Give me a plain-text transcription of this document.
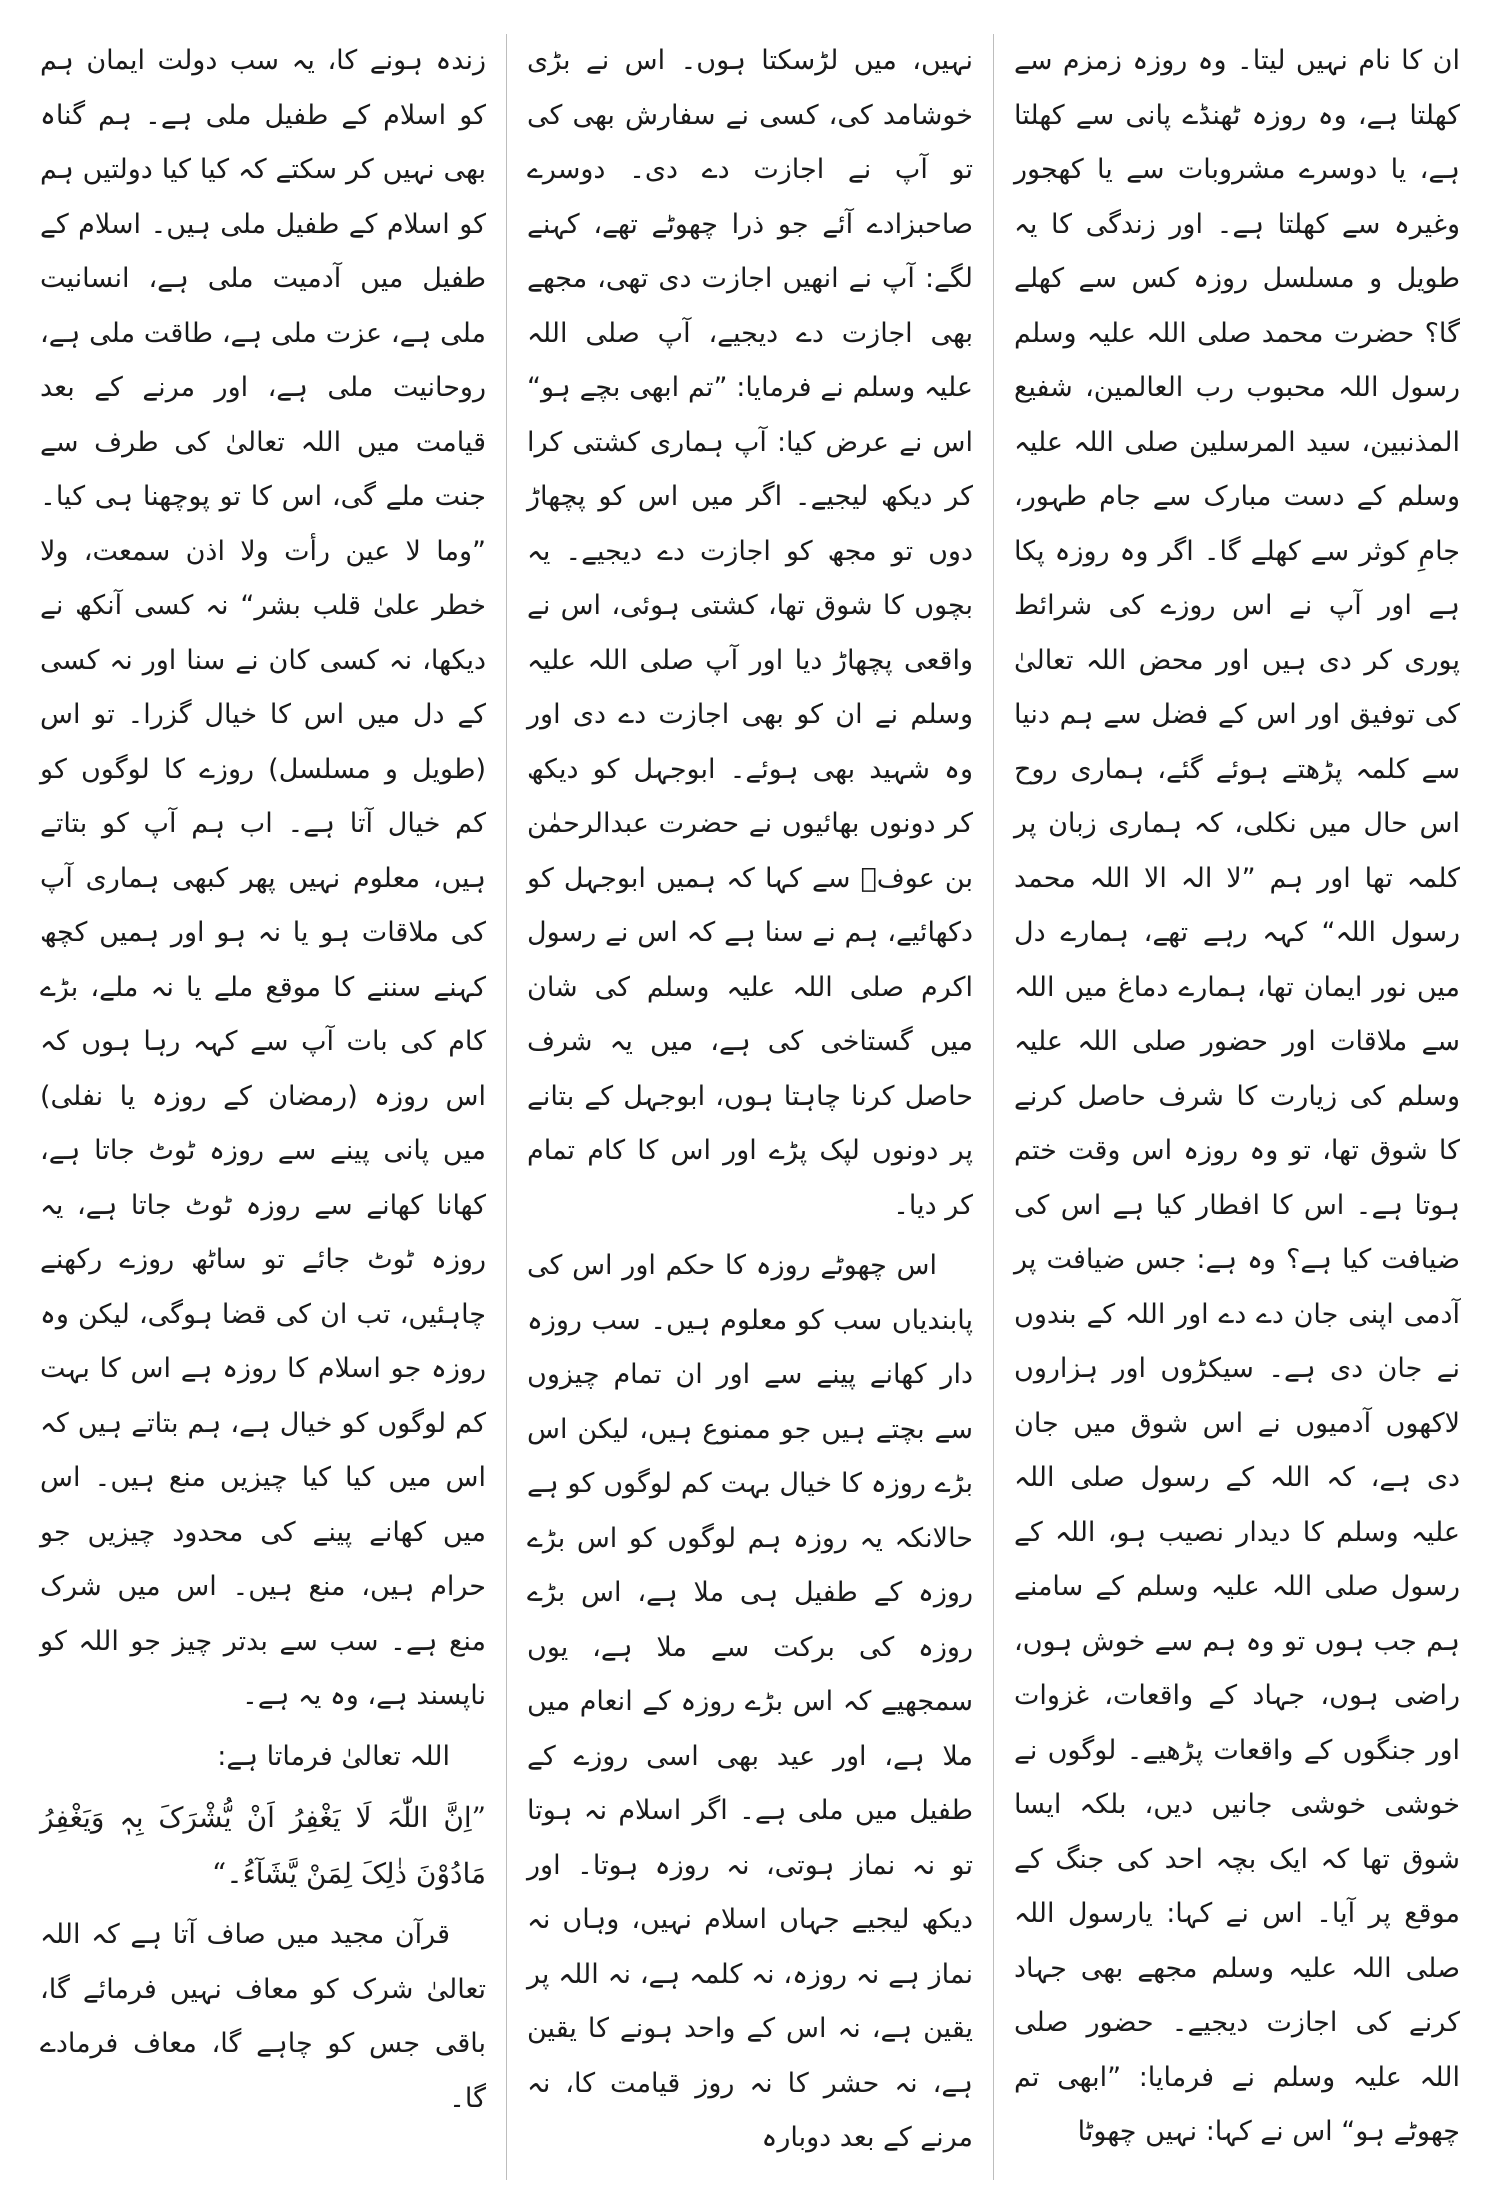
ان کا نام نہیں لیتا۔ وہ روزہ زمزم سے کھلتا ہے، وہ روزہ ٹھنڈے پانی سے کھلتا ہے، یا دوسرے مشروبات سے یا کھجور وغیرہ سے کھلتا ہے۔ اور زندگی کا یہ طویل و مسلسل روزہ کس سے کھلے گا؟ حضرت محمد صلی اللہ علیہ وسلم رسول اللہ محبوب رب العالمین، شفیع المذنبین، سید المرسلین صلی اللہ علیہ وسلم کے دست مبارک سے جام طہور، جامِ کوثر سے کھلے گا۔ اگر وہ روزہ پکا ہے اور آپ نے اس روزے کی شرائط پوری کر دی ہیں اور محض اللہ تعالیٰ کی توفیق اور اس کے فضل سے ہم دنیا سے کلمہ پڑھتے ہوئے گئے، ہماری روح اس حال میں نکلی، کہ ہماری زبان پر کلمہ تھا اور ہم ”لا الہ الا اللہ محمد رسول اللہ“ کہہ رہے تھے، ہمارے دل میں نور ایمان تھا، ہمارے دماغ میں اللہ سے ملاقات اور حضور صلی اللہ علیہ وسلم کی زیارت کا شرف حاصل کرنے کا شوق تھا، تو وہ روزہ اس وقت ختم ہوتا ہے۔ اس کا افطار کیا ہے اس کی ضیافت کیا ہے؟ وہ ہے: جس ضیافت پر آدمی اپنی جان دے دے اور اللہ کے بندوں نے جان دی ہے۔ سیکڑوں اور ہزاروں لاکھوں آدمیوں نے اس شوق میں جان دی ہے، کہ اللہ کے رسول صلی اللہ علیہ وسلم کا دیدار نصیب ہو، اللہ کے رسول صلی اللہ علیہ وسلم کے سامنے ہم جب ہوں تو وہ ہم سے خوش ہوں، راضی ہوں، جہاد کے واقعات، غزوات اور جنگوں کے واقعات پڑھیے۔ لوگوں نے خوشی خوشی جانیں دیں، بلکہ ایسا شوق تھا کہ ایک بچہ احد کی جنگ کے موقع پر آیا۔ اس نے کہا: یارسول اللہ صلی اللہ علیہ وسلم مجھے بھی جہاد کرنے کی اجازت دیجیے۔ حضور صلی اللہ علیہ وسلم نے فرمایا: ”ابھی تم چھوٹے ہو“ اس نے کہا: نہیں چھوٹا

نہیں، میں لڑسکتا ہوں۔ اس نے بڑی خوشامد کی، کسی نے سفارش بھی کی تو آپ نے اجازت دے دی۔ دوسرے صاحبزادے آئے جو ذرا چھوٹے تھے، کہنے لگے: آپ نے انھیں اجازت دی تھی، مجھے بھی اجازت دے دیجیے، آپ صلی اللہ علیہ وسلم نے فرمایا: ”تم ابھی بچے ہو“ اس نے عرض کیا: آپ ہماری کشتی کرا کر دیکھ لیجیے۔ اگر میں اس کو پچھاڑ دوں تو مجھ کو اجازت دے دیجیے۔ یہ بچوں کا شوق تھا، کشتی ہوئی، اس نے واقعی پچھاڑ دیا اور آپ صلی اللہ علیہ وسلم نے ان کو بھی اجازت دے دی اور وہ شہید بھی ہوئے۔ ابوجہل کو دیکھ کر دونوں بھائیوں نے حضرت عبدالرحمٰن بن عوفؓ سے کہا کہ ہمیں ابوجہل کو دکھائیے، ہم نے سنا ہے کہ اس نے رسول اکرم صلی اللہ علیہ وسلم کی شان میں گستاخی کی ہے، میں یہ شرف حاصل کرنا چاہتا ہوں، ابوجہل کے بتانے پر دونوں لپک پڑے اور اس کا کام تمام کر دیا۔

اس چھوٹے روزہ کا حکم اور اس کی پابندیاں سب کو معلوم ہیں۔ سب روزہ دار کھانے پینے سے اور ان تمام چیزوں سے بچتے ہیں جو ممنوع ہیں، لیکن اس بڑے روزہ کا خیال بہت کم لوگوں کو ہے حالانکہ یہ روزہ ہم لوگوں کو اس بڑے روزہ کے طفیل ہی ملا ہے، اس بڑے روزہ کی برکت سے ملا ہے، یوں سمجھیے کہ اس بڑے روزہ کے انعام میں ملا ہے، اور عید بھی اسی روزے کے طفیل میں ملی ہے۔ اگر اسلام نہ ہوتا تو نہ نماز ہوتی، نہ روزہ ہوتا۔ اور دیکھ لیجیے جہاں اسلام نہیں، وہاں نہ نماز ہے نہ روزہ، نہ کلمہ ہے، نہ اللہ پر یقین ہے، نہ اس کے واحد ہونے کا یقین ہے، نہ حشر کا نہ روز قیامت کا، نہ مرنے کے بعد دوبارہ

زندہ ہونے کا، یہ سب دولت ایمان ہم کو اسلام کے طفیل ملی ہے۔ ہم گناہ بھی نہیں کر سکتے کہ کیا کیا دولتیں ہم کو اسلام کے طفیل ملی ہیں۔ اسلام کے طفیل میں آدمیت ملی ہے، انسانیت ملی ہے، عزت ملی ہے، طاقت ملی ہے، روحانیت ملی ہے، اور مرنے کے بعد قیامت میں اللہ تعالیٰ کی طرف سے جنت ملے گی، اس کا تو پوچھنا ہی کیا۔ ”وما لا عین رأت ولا اذن سمعت، ولا خطر علیٰ قلب بشر“ نہ کسی آنکھ نے دیکھا، نہ کسی کان نے سنا اور نہ کسی کے دل میں اس کا خیال گزرا۔ تو اس (طویل و مسلسل) روزے کا لوگوں کو کم خیال آتا ہے۔ اب ہم آپ کو بتاتے ہیں، معلوم نہیں پھر کبھی ہماری آپ کی ملاقات ہو یا نہ ہو اور ہمیں کچھ کہنے سننے کا موقع ملے یا نہ ملے، بڑے کام کی بات آپ سے کہہ رہا ہوں کہ اس روزہ (رمضان کے روزہ یا نفلی) میں پانی پینے سے روزہ ٹوٹ جاتا ہے، کھانا کھانے سے روزہ ٹوٹ جاتا ہے، یہ روزہ ٹوٹ جائے تو ساٹھ روزے رکھنے چاہئیں، تب ان کی قضا ہوگی، لیکن وہ روزہ جو اسلام کا روزہ ہے اس کا بہت کم لوگوں کو خیال ہے، ہم بتاتے ہیں کہ اس میں کیا کیا چیزیں منع ہیں۔ اس میں کھانے پینے کی محدود چیزیں جو حرام ہیں، منع ہیں۔ اس میں شرک منع ہے۔ سب سے بدتر چیز جو اللہ کو ناپسند ہے، وہ یہ ہے۔

اللہ تعالیٰ فرماتا ہے:

”اِنَّ اللّٰہَ لَا یَغْفِرُ اَنْ یُّشْرَکَ بِہٖ وَیَغْفِرُ مَادُوْنَ ذٰلِکَ لِمَنْ یَّشَآءُ۔“

قرآن مجید میں صاف آتا ہے کہ اللہ تعالیٰ شرک کو معاف نہیں فرمائے گا، باقی جس کو چاہے گا، معاف فرمادے گا۔
